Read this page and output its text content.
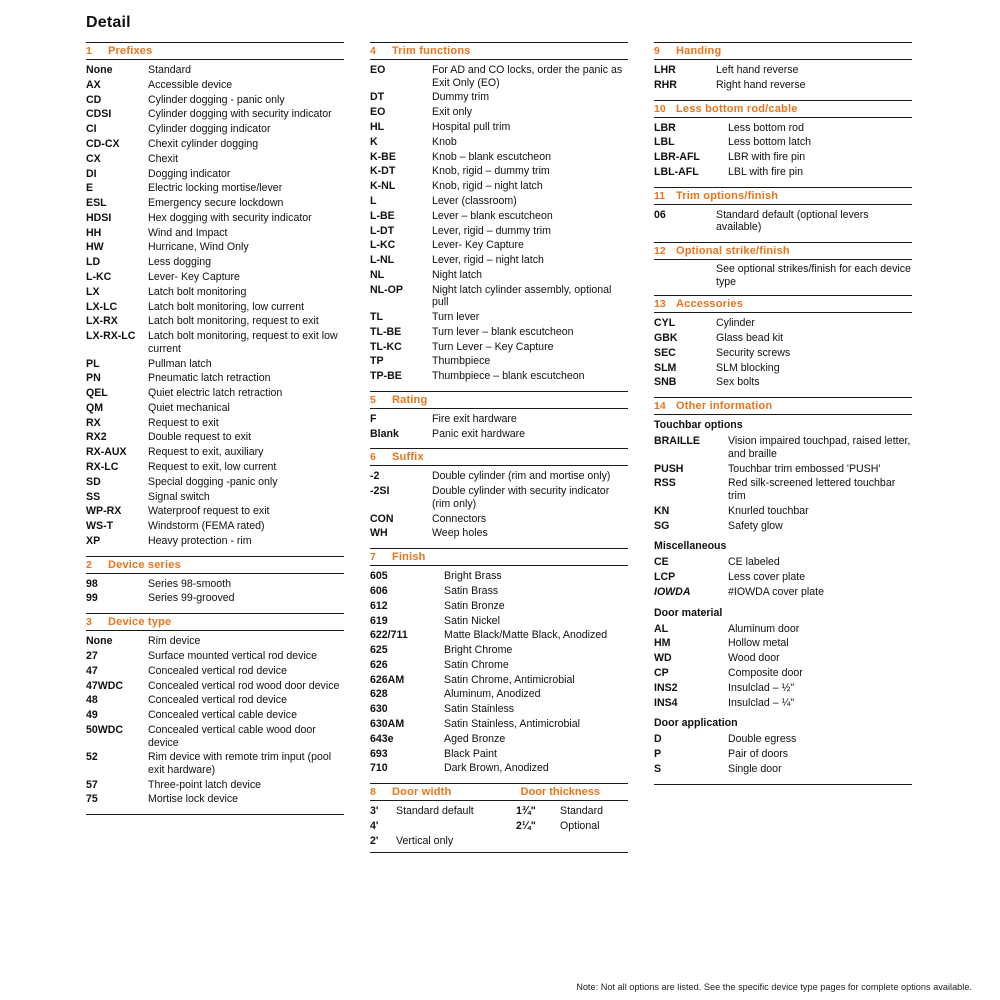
Detail
1	Prefixes
None	Standard
AX	Accessible device
CD	Cylinder dogging - panic only
CDSI	Cylinder dogging with security indicator
CI	Cylinder dogging indicator
CD-CX	Chexit cylinder dogging
CX	Chexit
DI	Dogging indicator
E	Electric locking mortise/lever
ESL	Emergency secure lockdown
HDSI	Hex dogging with security indicator
HH	Wind and Impact
HW	Hurricane, Wind Only
LD	Less dogging
L-KC	Lever- Key Capture
LX	Latch bolt monitoring
LX-LC	Latch bolt monitoring, low current
LX-RX	Latch bolt monitoring, request to exit
LX-RX-LC	Latch bolt monitoring, request to exit low current
PL	Pullman latch
PN	Pneumatic latch retraction
QEL	Quiet electric latch retraction
QM	Quiet mechanical
RX	Request to exit
RX2	Double request to exit
RX-AUX	Request to exit, auxiliary
RX-LC	Request to exit, low current
SD	Special dogging -panic only
SS	Signal switch
WP-RX	Waterproof request to exit
WS-T	Windstorm (FEMA rated)
XP	Heavy protection - rim
2	Device series
98	Series 98-smooth
99	Series 99-grooved
3	Device type
None	Rim device
27	Surface mounted vertical rod device
47	Concealed vertical rod device
47WDC	Concealed vertical rod wood door device
48	Concealed vertical rod device
49	Concealed vertical cable device
50WDC	Concealed vertical cable wood door device
52	Rim device with remote trim input (pool exit hardware)
57	Three-point latch device
75	Mortise lock device
4	Trim functions
EO	For AD and CO locks, order the panic as Exit Only (EO)
DT	Dummy trim
EO	Exit only
HL	Hospital pull trim
K	Knob
K-BE	Knob – blank escutcheon
K-DT	Knob, rigid – dummy trim
K-NL	Knob, rigid – night latch
L	Lever (classroom)
L-BE	Lever – blank escutcheon
L-DT	Lever, rigid – dummy trim
L-KC	Lever- Key Capture
L-NL	Lever, rigid – night latch
NL	Night latch
NL-OP	Night latch cylinder assembly, optional pull
TL	Turn lever
TL-BE	Turn lever – blank escutcheon
TL-KC	Turn Lever – Key Capture
TP	Thumbpiece
TP-BE	Thumbpiece – blank escutcheon
5	Rating
F	Fire exit hardware
Blank	Panic exit hardware
6	Suffix
-2	Double cylinder (rim and mortise only)
-2SI	Double cylinder with security indicator (rim only)
CON	Connectors
WH	Weep holes
7	Finish
605	Bright Brass
606	Satin Brass
612	Satin Bronze
619	Satin Nickel
622/711	Matte Black/Matte Black, Anodized
625	Bright Chrome
626	Satin Chrome
626AM	Satin Chrome, Antimicrobial
628	Aluminum, Anodized
630	Satin Stainless
630AM	Satin Stainless, Antimicrobial
643e	Aged Bronze
693	Black Paint
710	Dark Brown, Anodized
8	Door width	Door thickness
3'	Standard default	1¾"	Standard
4'		2¼"	Optional
2'	Vertical only		
9	Handing
LHR	Left hand reverse
RHR	Right hand reverse
10 Less bottom rod/cable
LBR	Less bottom rod
LBL	Less bottom latch
LBR-AFL	LBR with fire pin
LBL-AFL	LBL with fire pin
11 Trim options/finish
06	Standard default (optional levers available)
12 Optional strike/finish
See optional strikes/finish for each device type
13 Accessories
CYL	Cylinder
GBK	Glass bead kit
SEC	Security screws
SLM	SLM blocking
SNB	Sex bolts
14 Other information
Touchbar options
BRAILLE	Vision impaired touchpad, raised letter, and braille
PUSH	Touchbar trim embossed 'PUSH'
RSS	Red silk-screened lettered touchbar trim
KN	Knurled touchbar
SG	Safety glow
Miscellaneous
CE	CE labeled
LCP	Less cover plate
IOWDA	#IOWDA cover plate
Door material
AL	Aluminum door
HM	Hollow metal
WD	Wood door
CP	Composite door
INS2	Insulclad – ½"
INS4	Insulclad – ¼"
Door application
D	Double egress
P	Pair of doors
S	Single door
Note: Not all options are listed. See the specific device type pages for complete options available.
